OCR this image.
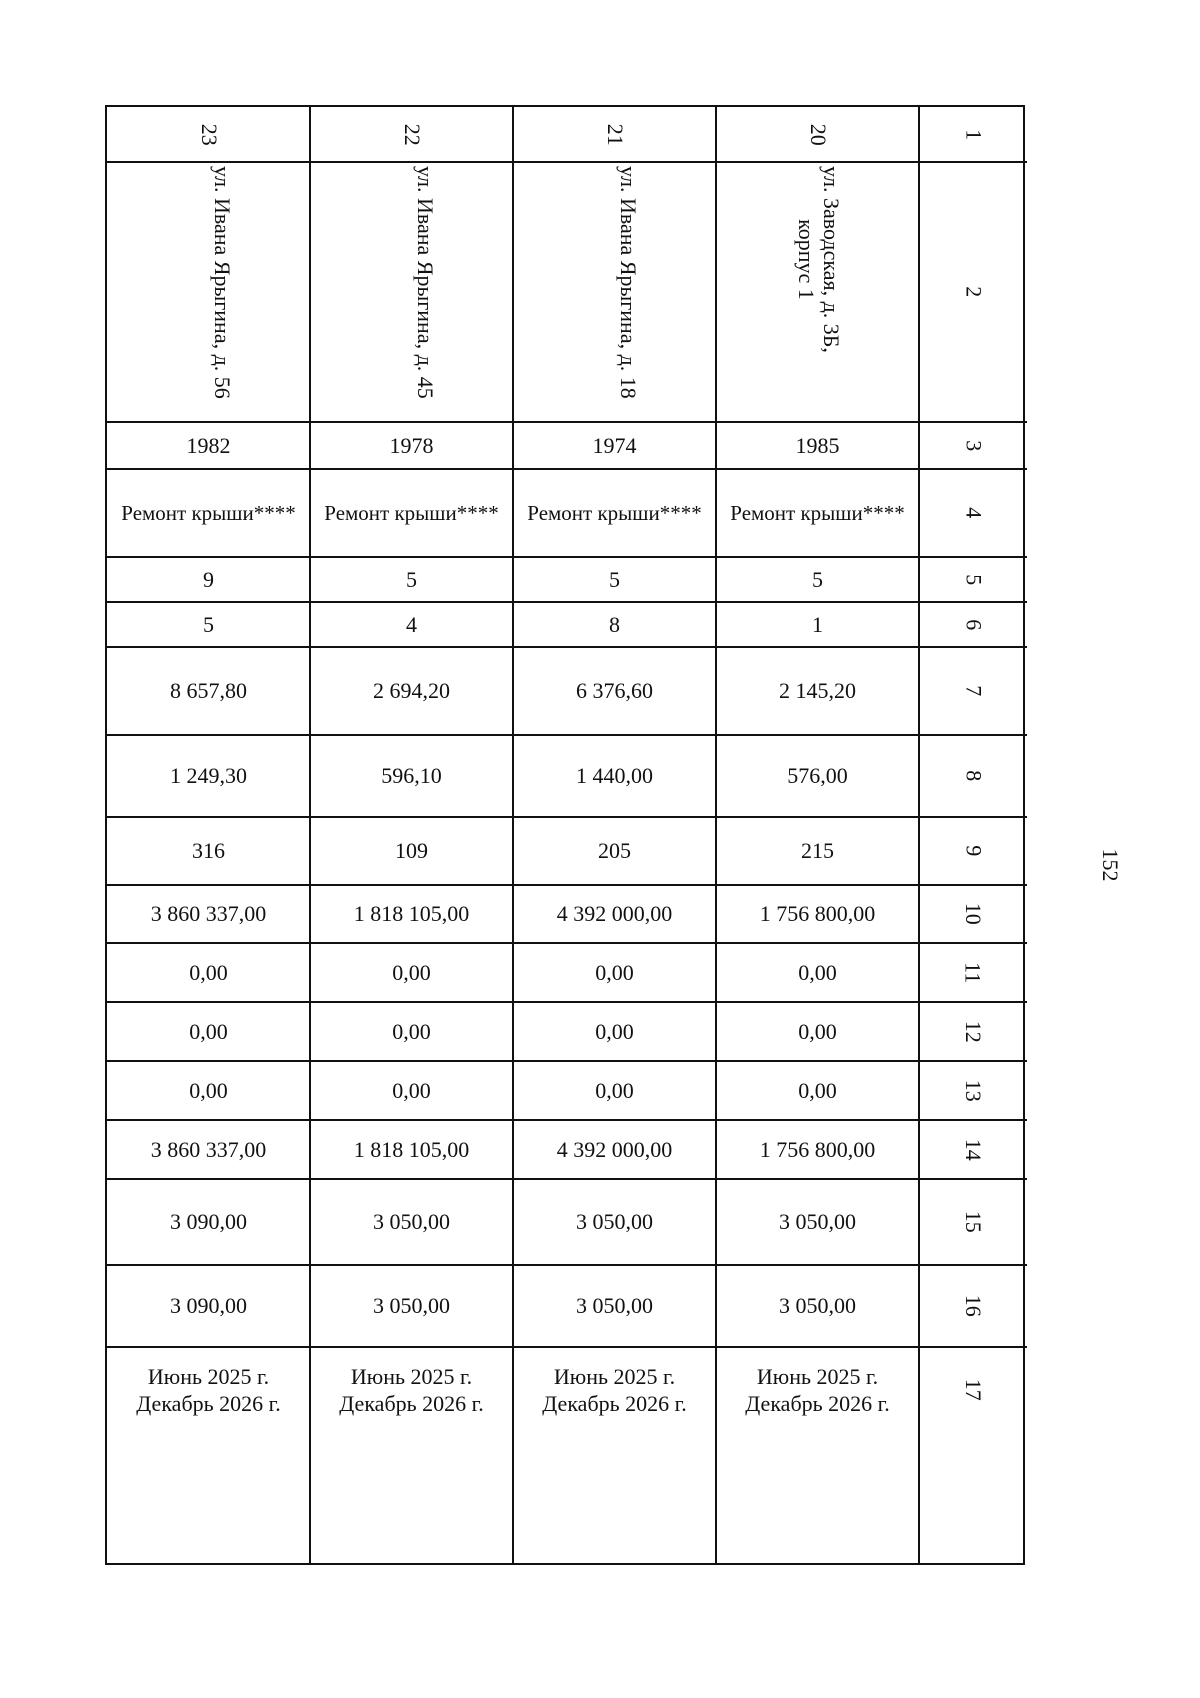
152
1
2
3
4
5
6
7
8
9
10
11
12
13
14
15
16
17
23
ул. Ивана Ярыгина, д. 56
1982
Ремонт крыши****
9
5
8 657,80
1 249,30
316
3 860 337,00
0,00
0,00
0,00
3 860 337,00
3 090,00
3 090,00
Июнь 2025 г.
Декабрь 2026 г.
22
ул. Ивана Ярыгина, д. 45
1978
Ремонт крыши****
5
4
2 694,20
596,10
109
1 818 105,00
0,00
0,00
0,00
1 818 105,00
3 050,00
3 050,00
Июнь 2025 г.
Декабрь 2026 г.
21
ул. Ивана Ярыгина, д. 18
1974
Ремонт крыши****
5
8
6 376,60
1 440,00
205
4 392 000,00
0,00
0,00
0,00
4 392 000,00
3 050,00
3 050,00
Июнь 2025 г.
Декабрь 2026 г.
20
ул. Заводская, д. 3Б,
корпус 1
1985
Ремонт крыши****
5
1
2 145,20
576,00
215
1 756 800,00
0,00
0,00
0,00
1 756 800,00
3 050,00
3 050,00
Июнь 2025 г.
Декабрь 2026 г.
